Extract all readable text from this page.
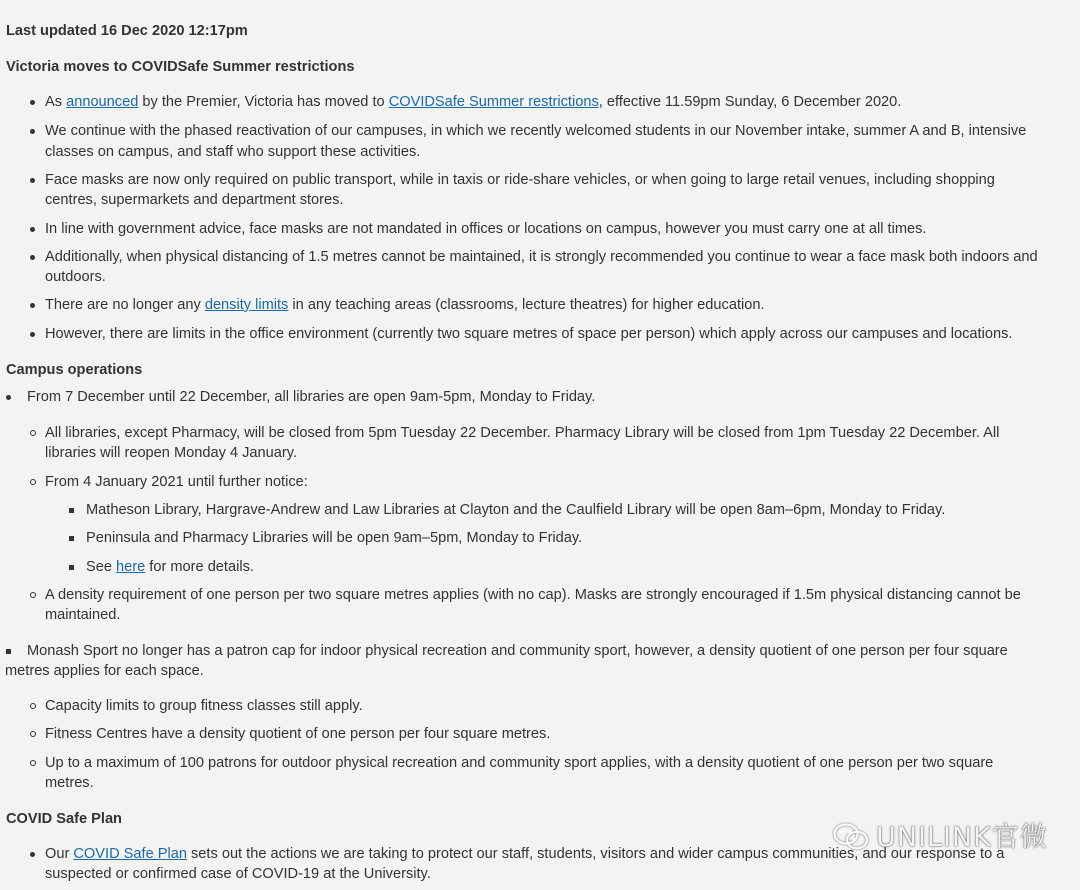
Last updated 16 Dec 2020 12:17pm
Victoria moves to COVIDSafe Summer restrictions
As announced by the Premier, Victoria has moved to COVIDSafe Summer restrictions, effective 11.59pm Sunday, 6 December 2020.
We continue with the phased reactivation of our campuses, in which we recently welcomed students in our November intake, summer A and B, intensive
classes on campus, and staff who support these activities.
Face masks are now only required on public transport, while in taxis or ride-share vehicles, or when going to large retail venues, including shopping
centres, supermarkets and department stores.
In line with government advice, face masks are not mandated in offices or locations on campus, however you must carry one at all times.
Additionally, when physical distancing of 1.5 metres cannot be maintained, it is strongly recommended you continue to wear a face mask both indoors and
outdoors.
There are no longer any density limits in any teaching areas (classrooms, lecture theatres) for higher education.
However, there are limits in the office environment (currently two square metres of space per person) which apply across our campuses and locations.
Campus operations
From 7 December until 22 December, all libraries are open 9am-5pm, Monday to Friday.
All libraries, except Pharmacy, will be closed from 5pm Tuesday 22 December. Pharmacy Library will be closed from 1pm Tuesday 22 December. All
libraries will reopen Monday 4 January.
From 4 January 2021 until further notice:
Matheson Library, Hargrave-Andrew and Law Libraries at Clayton and the Caulfield Library will be open 8am–6pm, Monday to Friday.
Peninsula and Pharmacy Libraries will be open 9am–5pm, Monday to Friday.
See here for more details.
A density requirement of one person per two square metres applies (with no cap). Masks are strongly encouraged if 1.5m physical distancing cannot be
maintained.
Monash Sport no longer has a patron cap for indoor physical recreation and community sport, however, a density quotient of one person per four square
metres applies for each space.
Capacity limits to group fitness classes still apply.
Fitness Centres have a density quotient of one person per four square metres.
Up to a maximum of 100 patrons for outdoor physical recreation and community sport applies, with a density quotient of one person per two square
metres.
COVID Safe Plan
Our COVID Safe Plan sets out the actions we are taking to protect our staff, students, visitors and wider campus communities, and our response to a
suspected or confirmed case of COVID-19 at the University.
UNILINK官微
